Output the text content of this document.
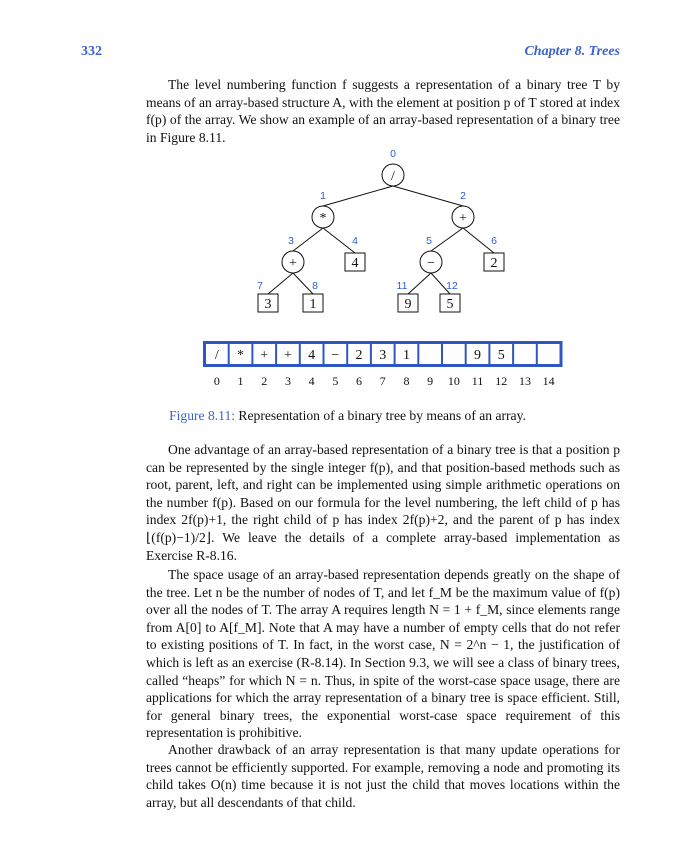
332	Chapter 8. Trees

The level numbering function f suggests a representation of a binary tree T by means of an array-based structure A, with the element at position p of T stored at index f(p) of the array. We show an example of an array-based representation of a binary tree in Figure 8.11.

/
0
*
1
+
2
+
3
4
4
−
5
2
6
3
7
1
8
9
11
5
12
/
0
*
1
+
2
+
3
4
4
−
5
2
6
3
7
1
8 9 10
9
11
5
12 13 14
Figure 8.11: Representation of a binary tree by means of an array.

One advantage of an array-based representation of a binary tree is that a position p can be represented by the single integer f(p), and that position-based methods such as root, parent, left, and right can be implemented using simple arithmetic operations on the number f(p). Based on our formula for the level numbering, the left child of p has index 2f(p)+1, the right child of p has index 2f(p)+2, and the parent of p has index ⌊(f(p)−1)/2⌋. We leave the details of a complete array-based implementation as Exercise R-8.16.

The space usage of an array-based representation depends greatly on the shape of the tree. Let n be the number of nodes of T, and let f_M be the maximum value of f(p) over all the nodes of T. The array A requires length N = 1 + f_M, since elements range from A[0] to A[f_M]. Note that A may have a number of empty cells that do not refer to existing positions of T. In fact, in the worst case, N = 2^n − 1, the justification of which is left as an exercise (R-8.14). In Section 9.3, we will see a class of binary trees, called “heaps” for which N = n. Thus, in spite of the worst-case space usage, there are applications for which the array representation of a binary tree is space efficient. Still, for general binary trees, the exponential worst-case space requirement of this representation is prohibitive.

Another drawback of an array representation is that many update operations for trees cannot be efficiently supported. For example, removing a node and promoting its child takes O(n) time because it is not just the child that moves locations within the array, but all descendants of that child.
